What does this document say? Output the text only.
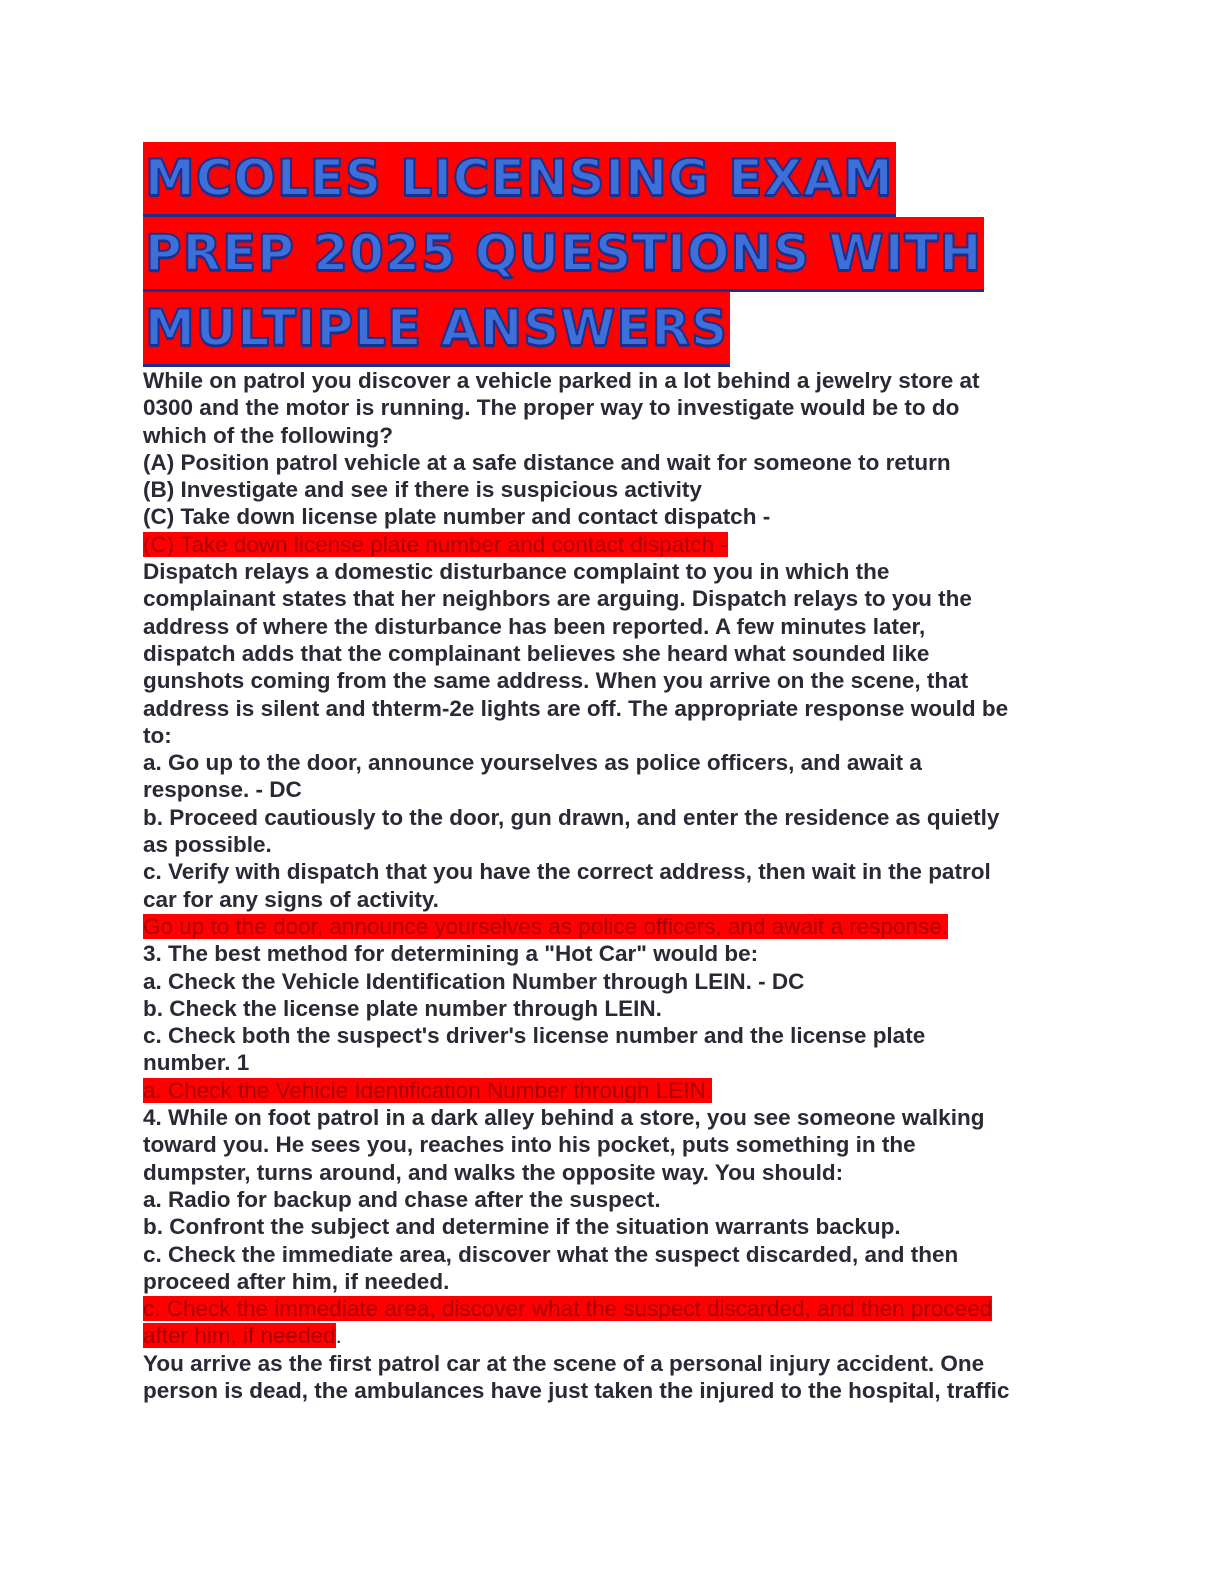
MCOLES LICENSING EXAM
PREP 2025 QUESTIONS WITH
MULTIPLE ANSWERS
While on patrol you discover a vehicle parked in a lot behind a jewelry store at
0300 and the motor is running. The proper way to investigate would be to do
which of the following?
(A) Position patrol vehicle at a safe distance and wait for someone to return
(B) Investigate and see if there is suspicious activity
(C) Take down license plate number and contact dispatch -
(C) Take down license plate number and contact dispatch -
Dispatch relays a domestic disturbance complaint to you in which the
complainant states that her neighbors are arguing. Dispatch relays to you the
address of where the disturbance has been reported. A few minutes later,
dispatch adds that the complainant believes she heard what sounded like
gunshots coming from the same address. When you arrive on the scene, that
address is silent and thterm-2e lights are off. The appropriate response would be
to:
a. Go up to the door, announce yourselves as police officers, and await a
response. - DC
b. Proceed cautiously to the door, gun drawn, and enter the residence as quietly
as possible.
c. Verify with dispatch that you have the correct address, then wait in the patrol
car for any signs of activity.
Go up to the door, announce yourselves as police officers, and await a response.
3. The best method for determining a "Hot Car" would be:
a. Check the Vehicle Identification Number through LEIN. - DC
b. Check the license plate number through LEIN.
c. Check both the suspect's driver's license number and the license plate
number. 1
a. Check the Vehicle Identification Number through LEIN.
4. While on foot patrol in a dark alley behind a store, you see someone walking
toward you. He sees you, reaches into his pocket, puts something in the
dumpster, turns around, and walks the opposite way. You should:
a. Radio for backup and chase after the suspect.
b. Confront the subject and determine if the situation warrants backup.
c. Check the immediate area, discover what the suspect discarded, and then
proceed after him, if needed.
c. Check the immediate area, discover what the suspect discarded, and then proceed
after him, if needed.
You arrive as the first patrol car at the scene of a personal injury accident. One
person is dead, the ambulances have just taken the injured to the hospital, traffic
